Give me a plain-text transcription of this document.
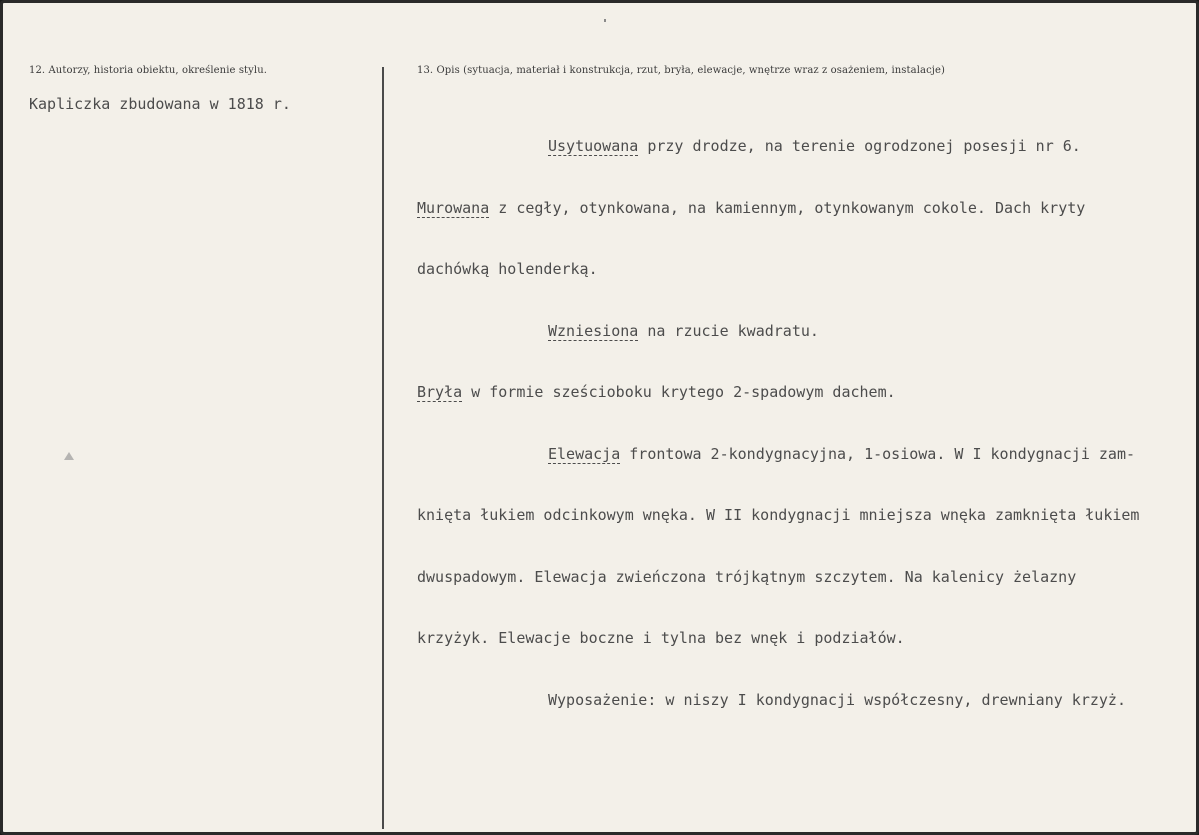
12. Autorzy, historia obiektu, określenie stylu.	13. Opis (sytuacja, materiał i konstrukcja, rzut, bryła, elewacje, wnętrze wraz z osażeniem, instalacje)
Kapliczka zbudowana w 1818 r.

Usytuowana przy drodze, na terenie ogrodzonej posesji nr 6.

Murowana z cegły, otynkowana, na kamiennym, otynkowanym cokole. Dach kryty

dachówką holenderką.

Wzniesiona na rzucie kwadratu.

Bryła w formie sześcioboku krytego 2-spadowym dachem.

Elewacja frontowa 2-kondygnacyjna, 1-osiowa. W I kondygnacji zam-

knięta łukiem odcinkowym wnęka. W II kondygnacji mniejsza wnęka zamknięta łukiem

dwuspadowym. Elewacja zwieńczona trójkątnym szczytem. Na kalenicy żelazny

krzyżyk. Elewacje boczne i tylna bez wnęk i podziałów.

Wyposażenie: w niszy I kondygnacji współczesny, drewniany krzyż.
